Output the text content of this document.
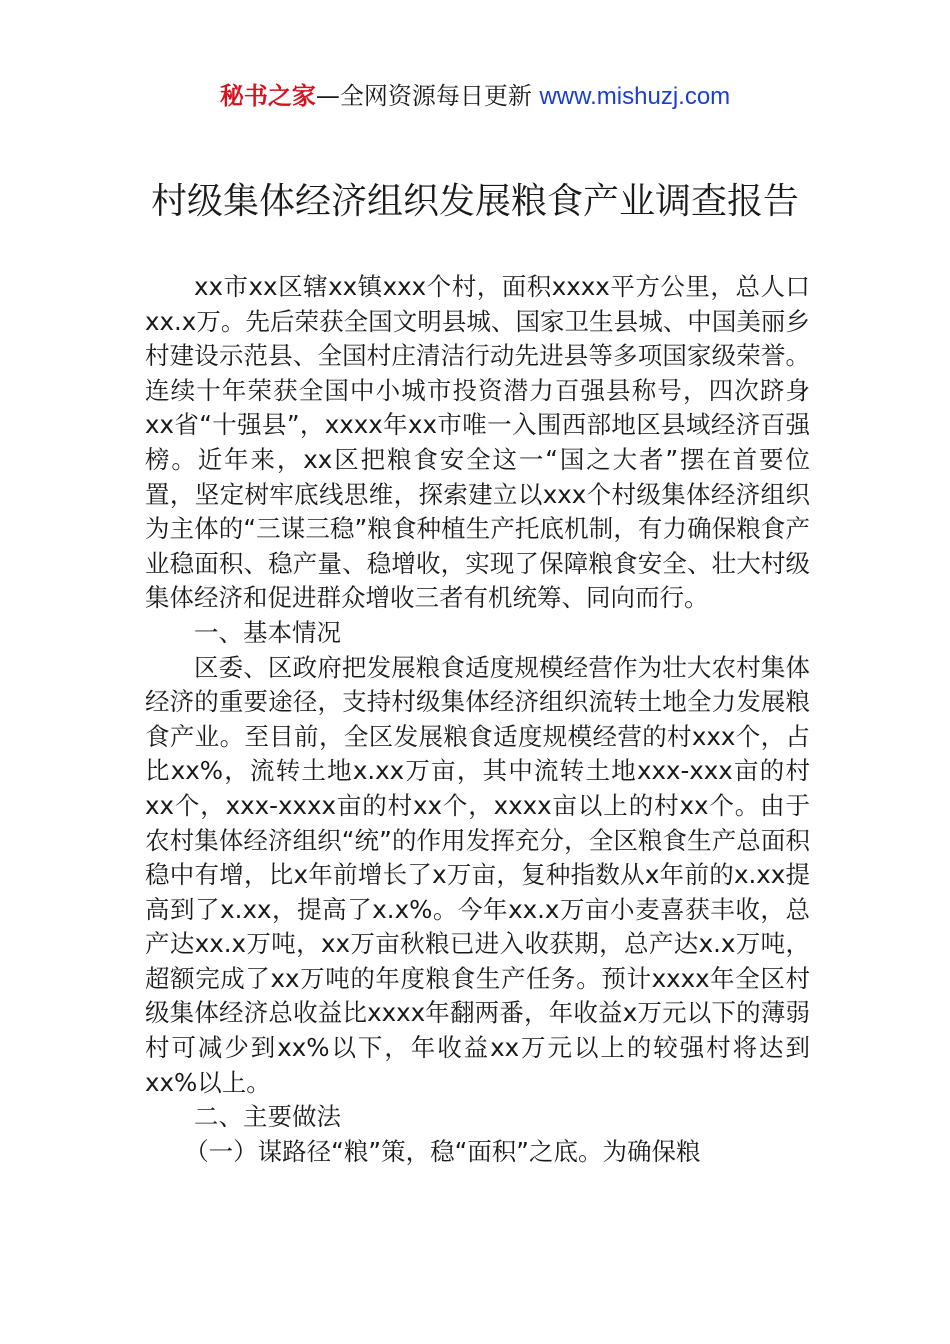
秘书之家—全网资源每日更新 www.mishuzj.com
村级集体经济组织发展粮食产业调查报告

xx市xx区辖xx镇xxx个村，面积xxxx平方公里，总人口xx.x万。先后荣获全国文明县城、国家卫生县城、中国美丽乡村建设示范县、全国村庄清洁行动先进县等多项国家级荣誉。连续十年荣获全国中小城市投资潜力百强县称号，四次跻身xx省“十强县”，xxxx年xx市唯一入围西部地区县域经济百强榜。近年来，xx区把粮食安全这一“国之大者”摆在首要位置，坚定树牢底线思维，探索建立以xxx个村级集体经济组织为主体的“三谋三稳”粮食种植生产托底机制，有力确保粮食产业稳面积、稳产量、稳增收，实现了保障粮食安全、壮大村级集体经济和促进群众增收三者有机统筹、同向而行。

一、基本情况

区委、区政府把发展粮食适度规模经营作为壮大农村集体经济的重要途径，支持村级集体经济组织流转土地全力发展粮食产业。至目前，全区发展粮食适度规模经营的村xxx个，占比xx%，流转土地x.xx万亩，其中流转土地xxx-xxx亩的村xx个，xxx-xxxx亩的村xx个，xxxx亩以上的村xx个。由于农村集体经济组织“统”的作用发挥充分，全区粮食生产总面积稳中有增，比x年前增长了x万亩，复种指数从x年前的x.xx提高到了x.xx，提高了x.x%。今年xx.x万亩小麦喜获丰收，总产达xx.x万吨，xx万亩秋粮已进入收获期，总产达x.x万吨，超额完成了xx万吨的年度粮食生产任务。预计xxxx年全区村级集体经济总收益比xxxx年翻两番，年收益x万元以下的薄弱村可减少到xx%以下，年收益xx万元以上的较强村将达到xx%以上。

二、主要做法

（一）谋路径“粮”策，稳“面积”之底。为确保粮
